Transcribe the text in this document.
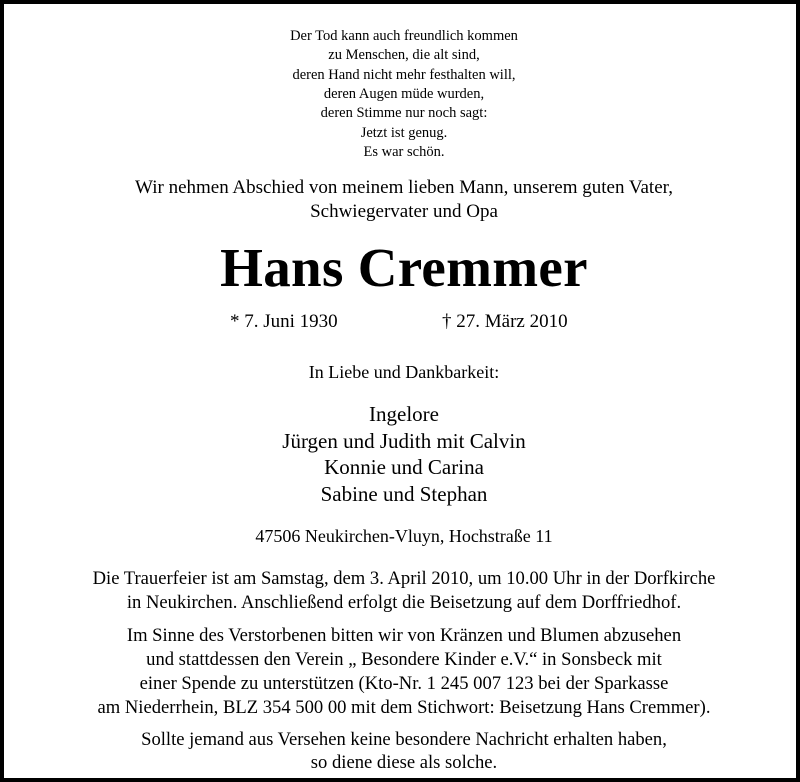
Der Tod kann auch freundlich kommen
zu Menschen, die alt sind,
deren Hand nicht mehr festhalten will,
deren Augen müde wurden,
deren Stimme nur noch sagt:
Jetzt ist genug.
Es war schön.
Wir nehmen Abschied von meinem lieben Mann, unserem guten Vater,
Schwiegervater und Opa
Hans Cremmer
* 7. Juni 1930	† 27. März 2010
In Liebe und Dankbarkeit:
Ingelore
Jürgen und Judith mit Calvin
Konnie und Carina
Sabine und Stephan
47506 Neukirchen-Vluyn, Hochstraße 11
Die Trauerfeier ist am Samstag, dem 3. April 2010, um 10.00 Uhr in der Dorfkirche
in Neukirchen. Anschließend erfolgt die Beisetzung auf dem Dorffriedhof.
Im Sinne des Verstorbenen bitten wir von Kränzen und Blumen abzusehen
und stattdessen den Verein „ Besondere Kinder e.V.“ in Sonsbeck mit
einer Spende zu unterstützen (Kto-Nr. 1 245 007 123 bei der Sparkasse
am Niederrhein, BLZ 354 500 00 mit dem Stichwort: Beisetzung Hans Cremmer).
Sollte jemand aus Versehen keine besondere Nachricht erhalten haben,
so diene diese als solche.
